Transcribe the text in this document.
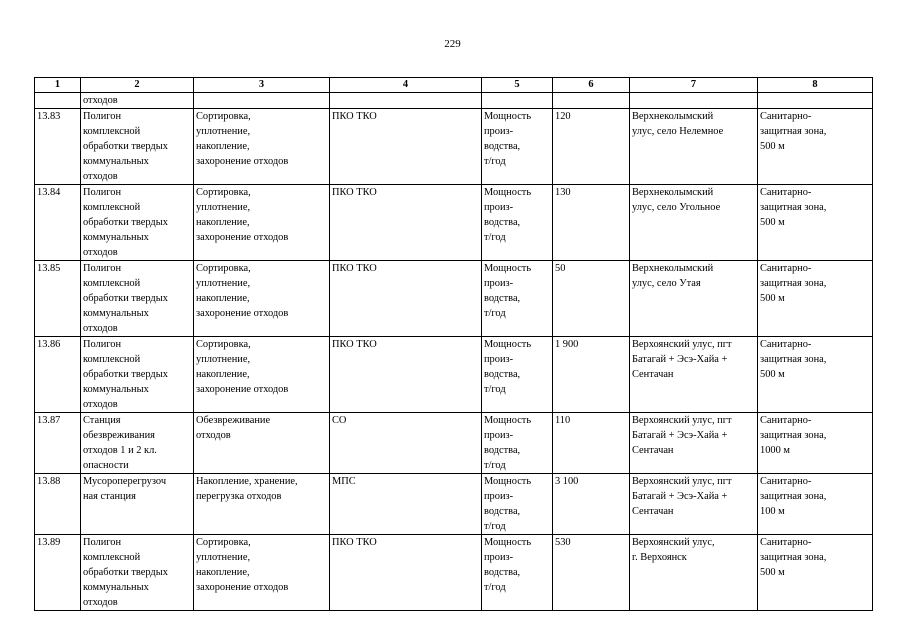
229
1	2	3	4	5	6	7	8
	отходов						
13.83	Полигон
комплексной
обработки твердых
коммунальных
отходов	Сортировка,
уплотнение,
накопление,
захоронение отходов	ПКО ТКО	Мощность
произ-
водства,
т/год	120	Верхнеколымский
улус, село Нелемное	Санитарно-
защитная зона,
500 м

13.84	Полигон
комплексной
обработки твердых
коммунальных
отходов	Сортировка,
уплотнение,
накопление,
захоронение отходов	ПКО ТКО	Мощность
произ-
водства,
т/год	130	Верхнеколымский
улус, село Угольное	Санитарно-
защитная зона,
500 м

13.85	Полигон
комплексной
обработки твердых
коммунальных
отходов	Сортировка,
уплотнение,
накопление,
захоронение отходов	ПКО ТКО	Мощность
произ-
водства,
т/год	50	Верхнеколымский
улус, село Утая	Санитарно-
защитная зона,
500 м

13.86	Полигон
комплексной
обработки твердых
коммунальных
отходов	Сортировка,
уплотнение,
накопление,
захоронение отходов	ПКО ТКО	Мощность
произ-
водства,
т/год	1 900	Верхоянский улус, пгт
Батагай + Эсэ-Хайа +
Сентачан	Санитарно-
защитная зона,
500 м

13.87	Станция
обезвреживания
отходов 1 и 2 кл.
опасности	Обезвреживание
отходов	СО	Мощность
произ-
водства,
т/год	110	Верхоянский улус, пгт
Батагай + Эсэ-Хайа +
Сентачан	Санитарно-
защитная зона,
1000 м

13.88	Мусороперегрузоч
ная станция	Накопление, хранение,
перегрузка отходов	МПС	Мощность
произ-
водства,
т/год	3 100	Верхоянский улус, пгт
Батагай + Эсэ-Хайа +
Сентачан	Санитарно-
защитная зона,
100 м

13.89	Полигон
комплексной
обработки твердых
коммунальных
отходов	Сортировка,
уплотнение,
накопление,
захоронение отходов	ПКО ТКО	Мощность
произ-
водства,
т/год	530	Верхоянский улус,
г. Верхоянск	Санитарно-
защитная зона,
500 м
